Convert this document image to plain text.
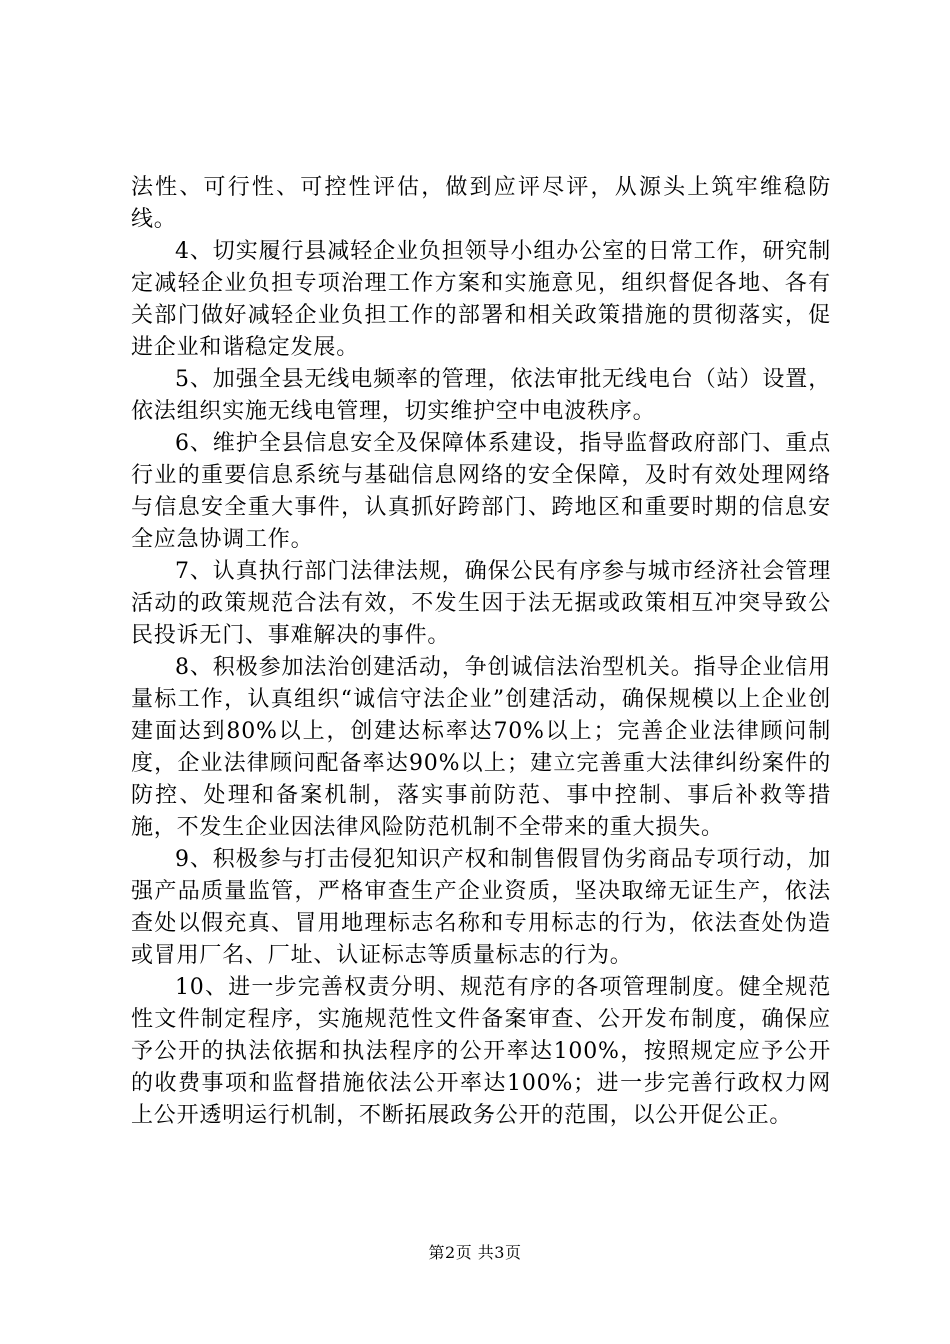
法性、可行性、可控性评估，做到应评尽评，从源头上筑牢维稳防线。

4、切实履行县减轻企业负担领导小组办公室的日常工作，研究制定减轻企业负担专项治理工作方案和实施意见，组织督促各地、各有关部门做好减轻企业负担工作的部署和相关政策措施的贯彻落实，促进企业和谐稳定发展。

5、加强全县无线电频率的管理，依法审批无线电台（站）设置，依法组织实施无线电管理，切实维护空中电波秩序。

6、维护全县信息安全及保障体系建设，指导监督政府部门、重点行业的重要信息系统与基础信息网络的安全保障，及时有效处理网络与信息安全重大事件，认真抓好跨部门、跨地区和重要时期的信息安全应急协调工作。

7、认真执行部门法律法规，确保公民有序参与城市经济社会管理活动的政策规范合法有效，不发生因于法无据或政策相互冲突导致公民投诉无门、事难解决的事件。

8、积极参加法治创建活动，争创诚信法治型机关。指导企业信用量标工作，认真组织“诚信守法企业”创建活动，确保规模以上企业创建面达到80%以上，创建达标率达70%以上；完善企业法律顾问制度，企业法律顾问配备率达90%以上；建立完善重大法律纠纷案件的防控、处理和备案机制，落实事前防范、事中控制、事后补救等措施，不发生企业因法律风险防范机制不全带来的重大损失。

9、积极参与打击侵犯知识产权和制售假冒伪劣商品专项行动，加强产品质量监管，严格审查生产企业资质，坚决取缔无证生产，依法查处以假充真、冒用地理标志名称和专用标志的行为，依法查处伪造或冒用厂名、厂址、认证标志等质量标志的行为。

10、进一步完善权责分明、规范有序的各项管理制度。健全规范性文件制定程序，实施规范性文件备案审查、公开发布制度，确保应予公开的执法依据和执法程序的公开率达100%，按照规定应予公开的收费事项和监督措施依法公开率达100%；进一步完善行政权力网上公开透明运行机制，不断拓展政务公开的范围，以公开促公正。

第2页 共3页
